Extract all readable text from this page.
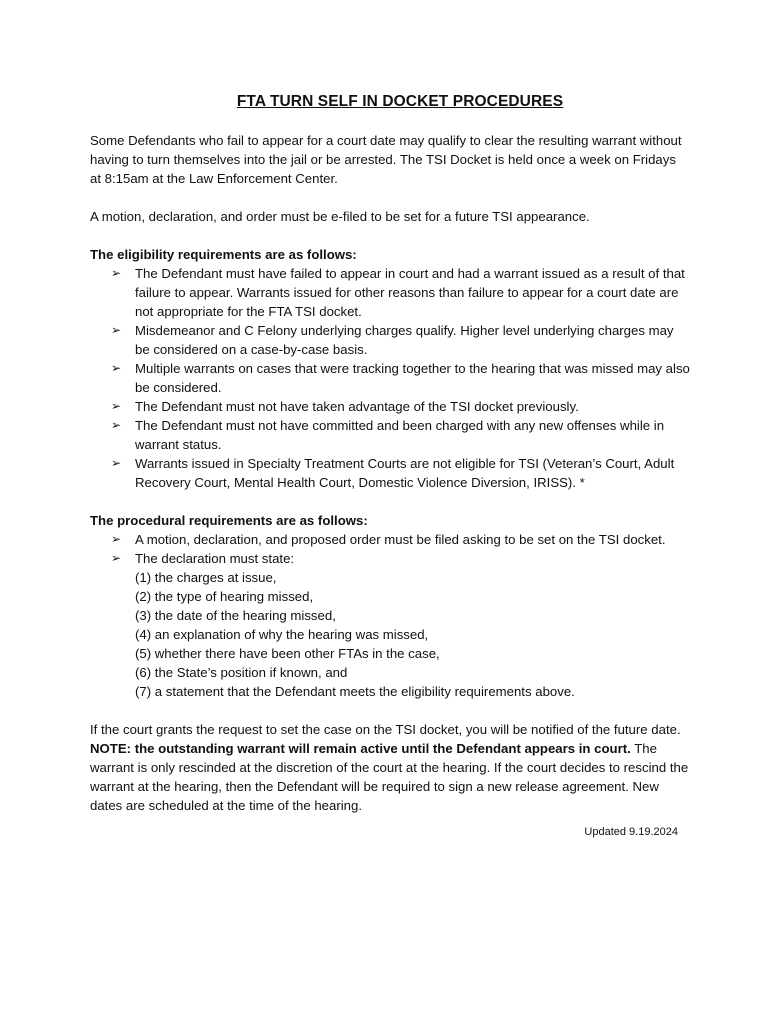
FTA TURN SELF IN DOCKET PROCEDURES

Some Defendants who fail to appear for a court date may qualify to clear the resulting warrant without having to turn themselves into the jail or be arrested. The TSI Docket is held once a week on Fridays at 8:15am at the Law Enforcement Center.

A motion, declaration, and order must be e-filed to be set for a future TSI appearance.

The eligibility requirements are as follows:

➢ The Defendant must have failed to appear in court and had a warrant issued as a result of that failure to appear. Warrants issued for other reasons than failure to appear for a court date are not appropriate for the FTA TSI docket.
➢ Misdemeanor and C Felony underlying charges qualify. Higher level underlying charges may be considered on a case-by-case basis.
➢ Multiple warrants on cases that were tracking together to the hearing that was missed may also be considered.
➢ The Defendant must not have taken advantage of the TSI docket previously.
➢ The Defendant must not have committed and been charged with any new offenses while in warrant status.
➢ Warrants issued in Specialty Treatment Courts are not eligible for TSI (Veteran’s Court, Adult Recovery Court, Mental Health Court, Domestic Violence Diversion, IRISS). *

The procedural requirements are as follows:

➢ A motion, declaration, and proposed order must be filed asking to be set on the TSI docket.
➢ The declaration must state:
(1) the charges at issue,
(2) the type of hearing missed,
(3) the date of the hearing missed,
(4) an explanation of why the hearing was missed,
(5) whether there have been other FTAs in the case,
(6) the State’s position if known, and
(7) a statement that the Defendant meets the eligibility requirements above.

If the court grants the request to set the case on the TSI docket, you will be notified of the future date. NOTE: the outstanding warrant will remain active until the Defendant appears in court. The warrant is only rescinded at the discretion of the court at the hearing. If the court decides to rescind the warrant at the hearing, then the Defendant will be required to sign a new release agreement. New dates are scheduled at the time of the hearing.

Updated 9.19.2024
